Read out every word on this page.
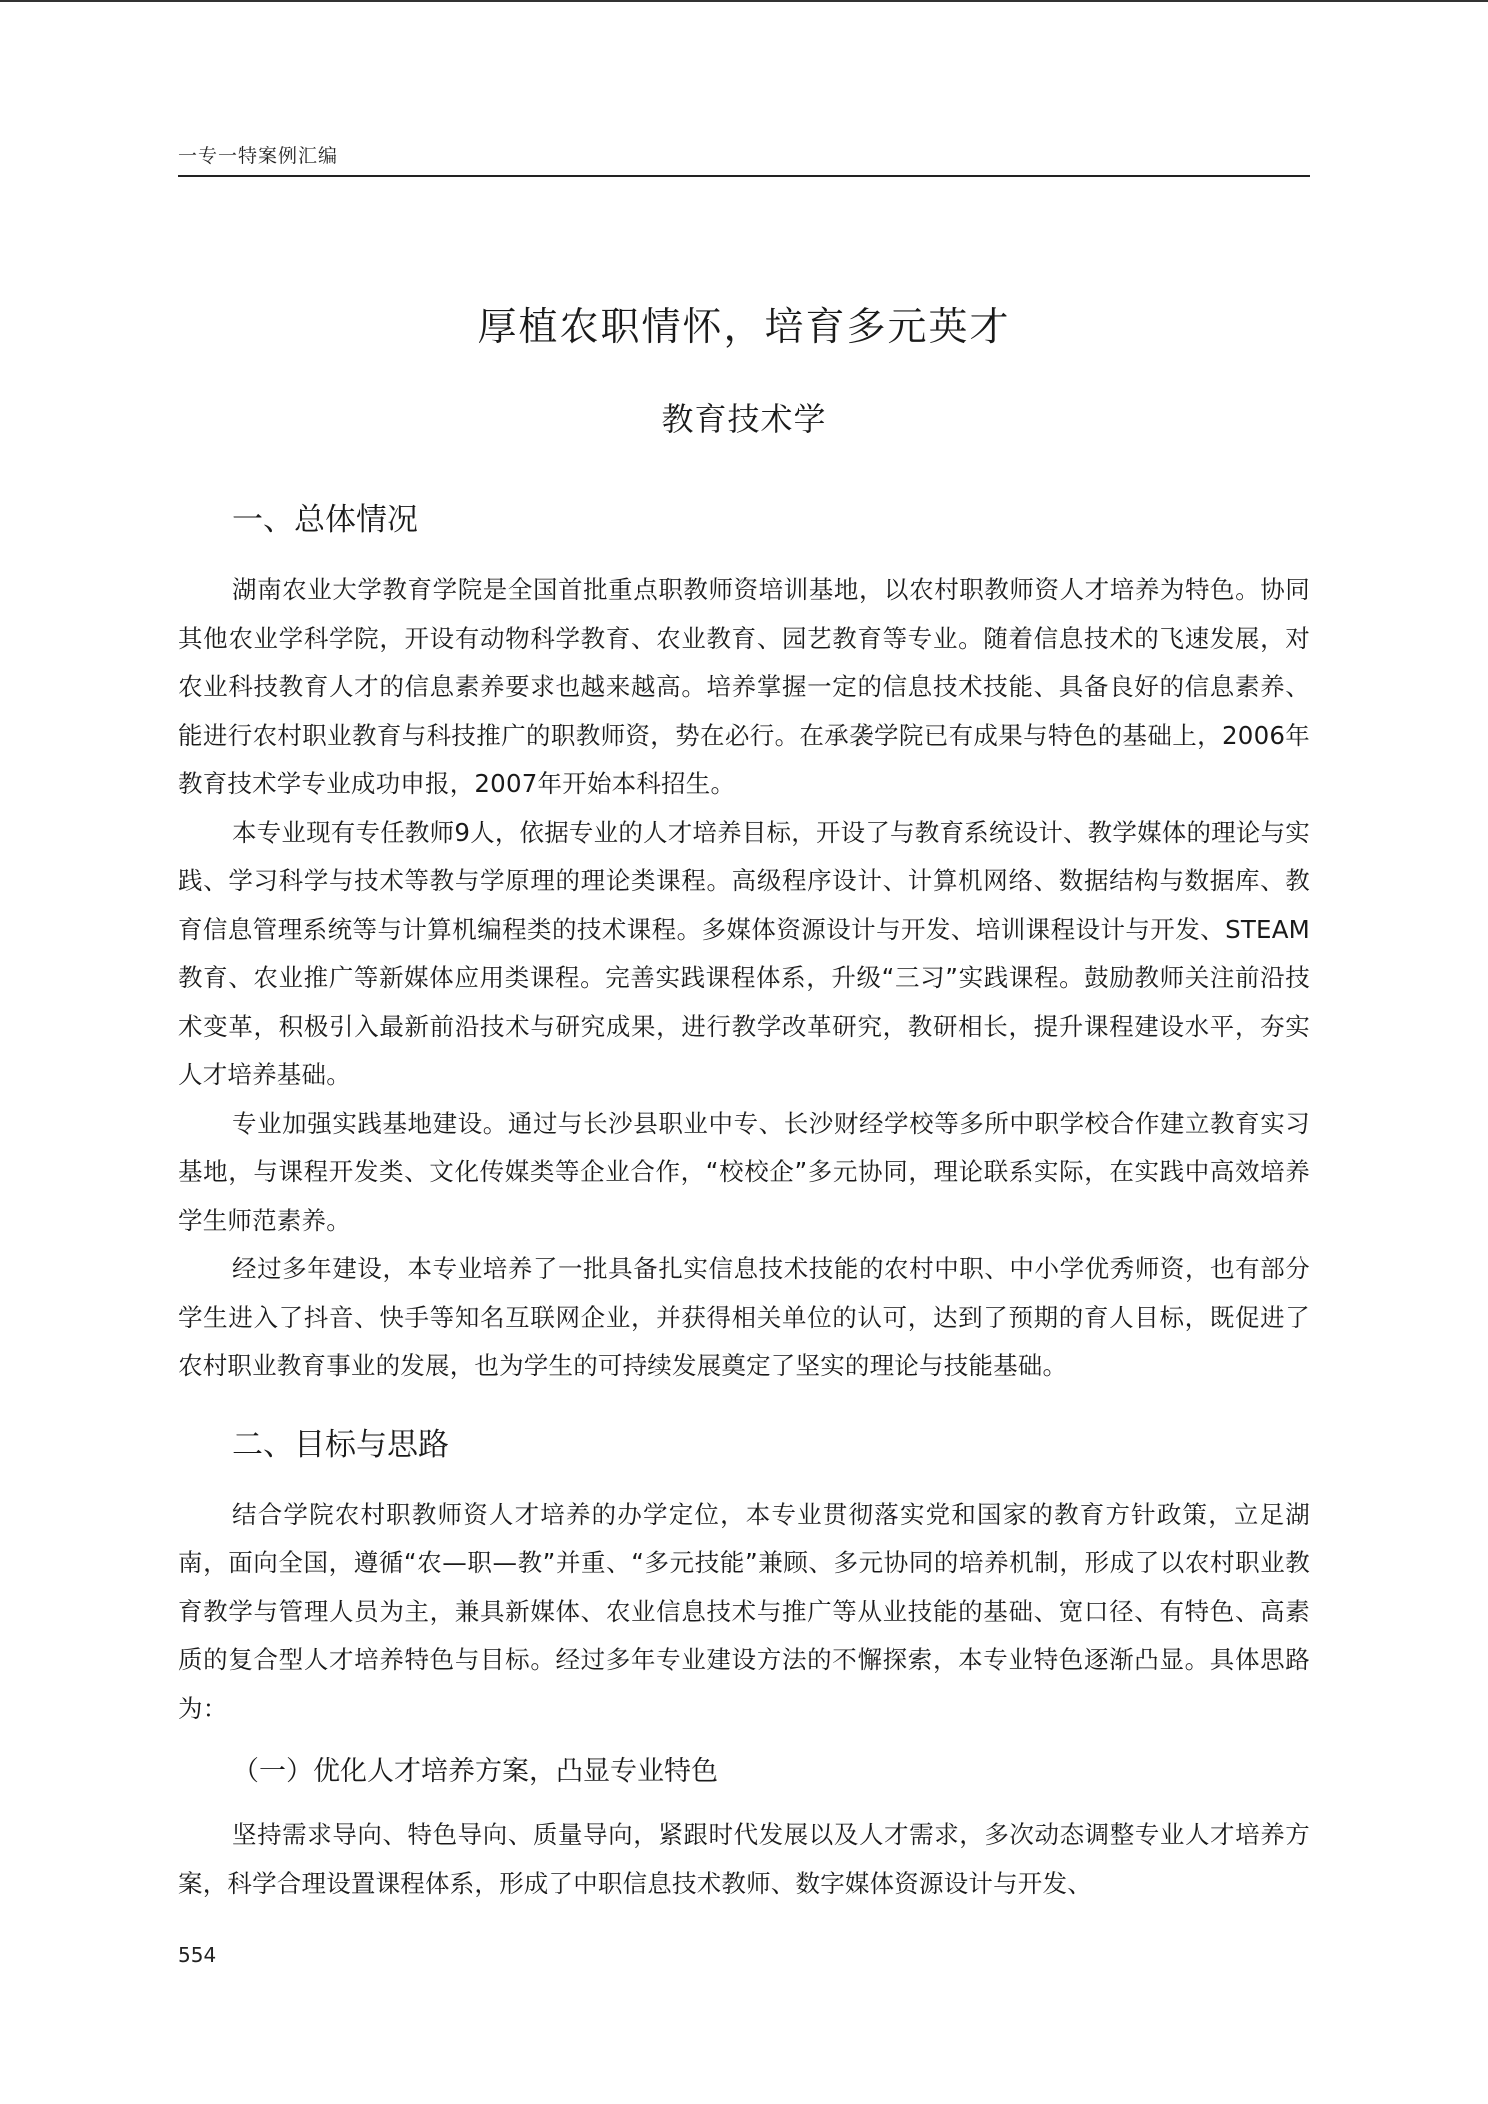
一专一特案例汇编
厚植农职情怀，培育多元英才
教育技术学
一、总体情况

湖南农业大学教育学院是全国首批重点职教师资培训基地，以农村职教师资人才培养为特色。协同其他农业学科学院，开设有动物科学教育、农业教育、园艺教育等专业。随着信息技术的飞速发展，对农业科技教育人才的信息素养要求也越来越高。培养掌握一定的信息技术技能、具备良好的信息素养、能进行农村职业教育与科技推广的职教师资，势在必行。在承袭学院已有成果与特色的基础上，2006年教育技术学专业成功申报，2007年开始本科招生。

本专业现有专任教师9人，依据专业的人才培养目标，开设了与教育系统设计、教学媒体的理论与实践、学习科学与技术等教与学原理的理论类课程。高级程序设计、计算机网络、数据结构与数据库、教育信息管理系统等与计算机编程类的技术课程。多媒体资源设计与开发、培训课程设计与开发、STEAM教育、农业推广等新媒体应用类课程。完善实践课程体系，升级“三习”实践课程。鼓励教师关注前沿技术变革，积极引入最新前沿技术与研究成果，进行教学改革研究，教研相长，提升课程建设水平，夯实人才培养基础。

专业加强实践基地建设。通过与长沙县职业中专、长沙财经学校等多所中职学校合作建立教育实习基地，与课程开发类、文化传媒类等企业合作，“校校企”多元协同，理论联系实际，在实践中高效培养学生师范素养。

经过多年建设，本专业培养了一批具备扎实信息技术技能的农村中职、中小学优秀师资，也有部分学生进入了抖音、快手等知名互联网企业，并获得相关单位的认可，达到了预期的育人目标，既促进了农村职业教育事业的发展，也为学生的可持续发展奠定了坚实的理论与技能基础。

二、目标与思路

结合学院农村职教师资人才培养的办学定位，本专业贯彻落实党和国家的教育方针政策，立足湖南，面向全国，遵循“农—职—教”并重、“多元技能”兼顾、多元协同的培养机制，形成了以农村职业教育教学与管理人员为主，兼具新媒体、农业信息技术与推广等从业技能的基础、宽口径、有特色、高素质的复合型人才培养特色与目标。经过多年专业建设方法的不懈探索，本专业特色逐渐凸显。具体思路为：

（一）优化人才培养方案，凸显专业特色

坚持需求导向、特色导向、质量导向，紧跟时代发展以及人才需求，多次动态调整专业人才培养方案，科学合理设置课程体系，形成了中职信息技术教师、数字媒体资源设计与开发、

554
